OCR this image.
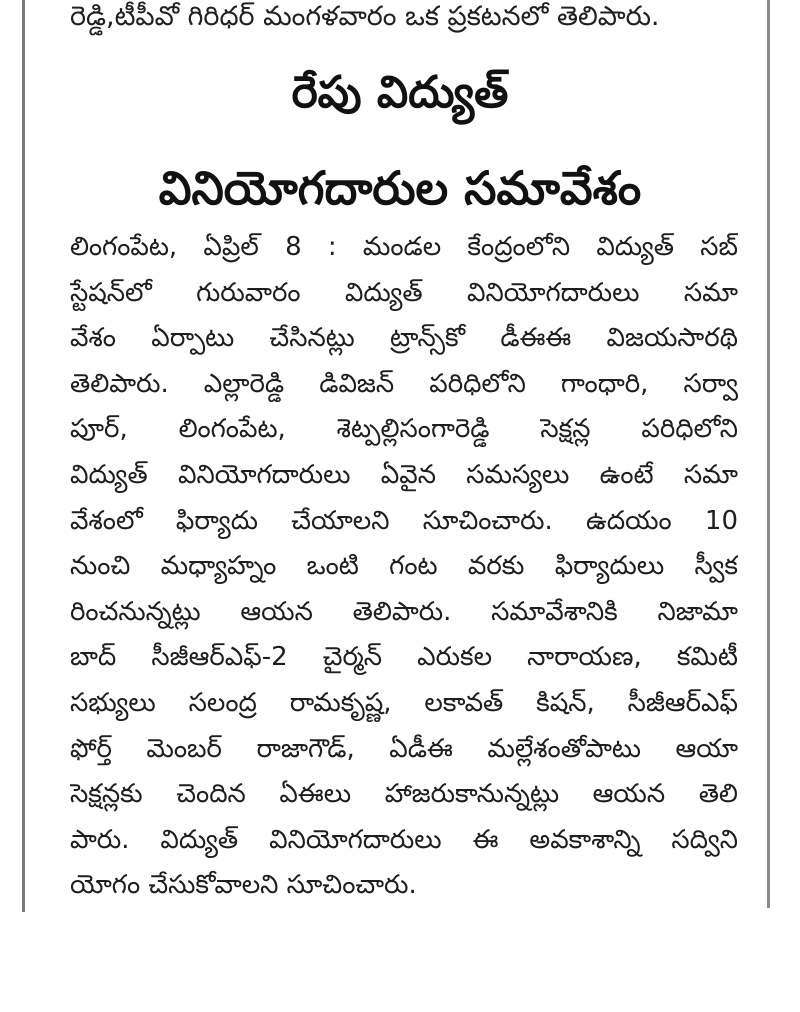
రెడ్డి,టీపీవో గిరిధర్ మంగళవారం ఒక ప్రకటనలో తెలిపారు.
రేపు విద్యుత్
వినియోగదారుల సమావేశం
లింగంపేట, ఏప్రిల్ 8 : మండల కేంద్రంలోని విద్యుత్ సబ్
స్టేషన్‌లో గురువారం విద్యుత్ వినియోగదారులు సమా
వేశం ఏర్పాటు చేసినట్లు ట్రాన్స్‌కో డీఈఈ విజయసారథి
తెలిపారు. ఎల్లారెడ్డి డివిజన్ పరిధిలోని గాంధారి, సర్వా
పూర్, లింగంపేట, శెట్పల్లిసంగారెడ్డి సెక్షన్ల పరిధిలోని
విద్యుత్ వినియోగదారులు ఏవైన సమస్యలు ఉంటే సమా
వేశంలో ఫిర్యాదు చేయాలని సూచించారు. ఉదయం 10
నుంచి మధ్యాహ్నం ఒంటి గంట వరకు ఫిర్యాదులు స్వీక
రించనున్నట్లు ఆయన తెలిపారు. సమావేశానికి నిజామా
బాద్ సీజీఆర్ఎఫ్-2 చైర్మన్ ఎరుకల నారాయణ, కమిటీ
సభ్యులు సలంద్ర రామకృష్ణ, లకావత్ కిషన్, సీజీఆర్ఎఫ్
ఫోర్త్ మెంబర్ రాజాగౌడ్, ఏడీఈ మల్లేశంతోపాటు ఆయా
సెక్షన్లకు చెందిన ఏఈలు హాజరుకానున్నట్లు ఆయన తెలి
పారు. విద్యుత్ వినియోగదారులు ఈ అవకాశాన్ని సద్విని
యోగం చేసుకోవాలని సూచించారు.
